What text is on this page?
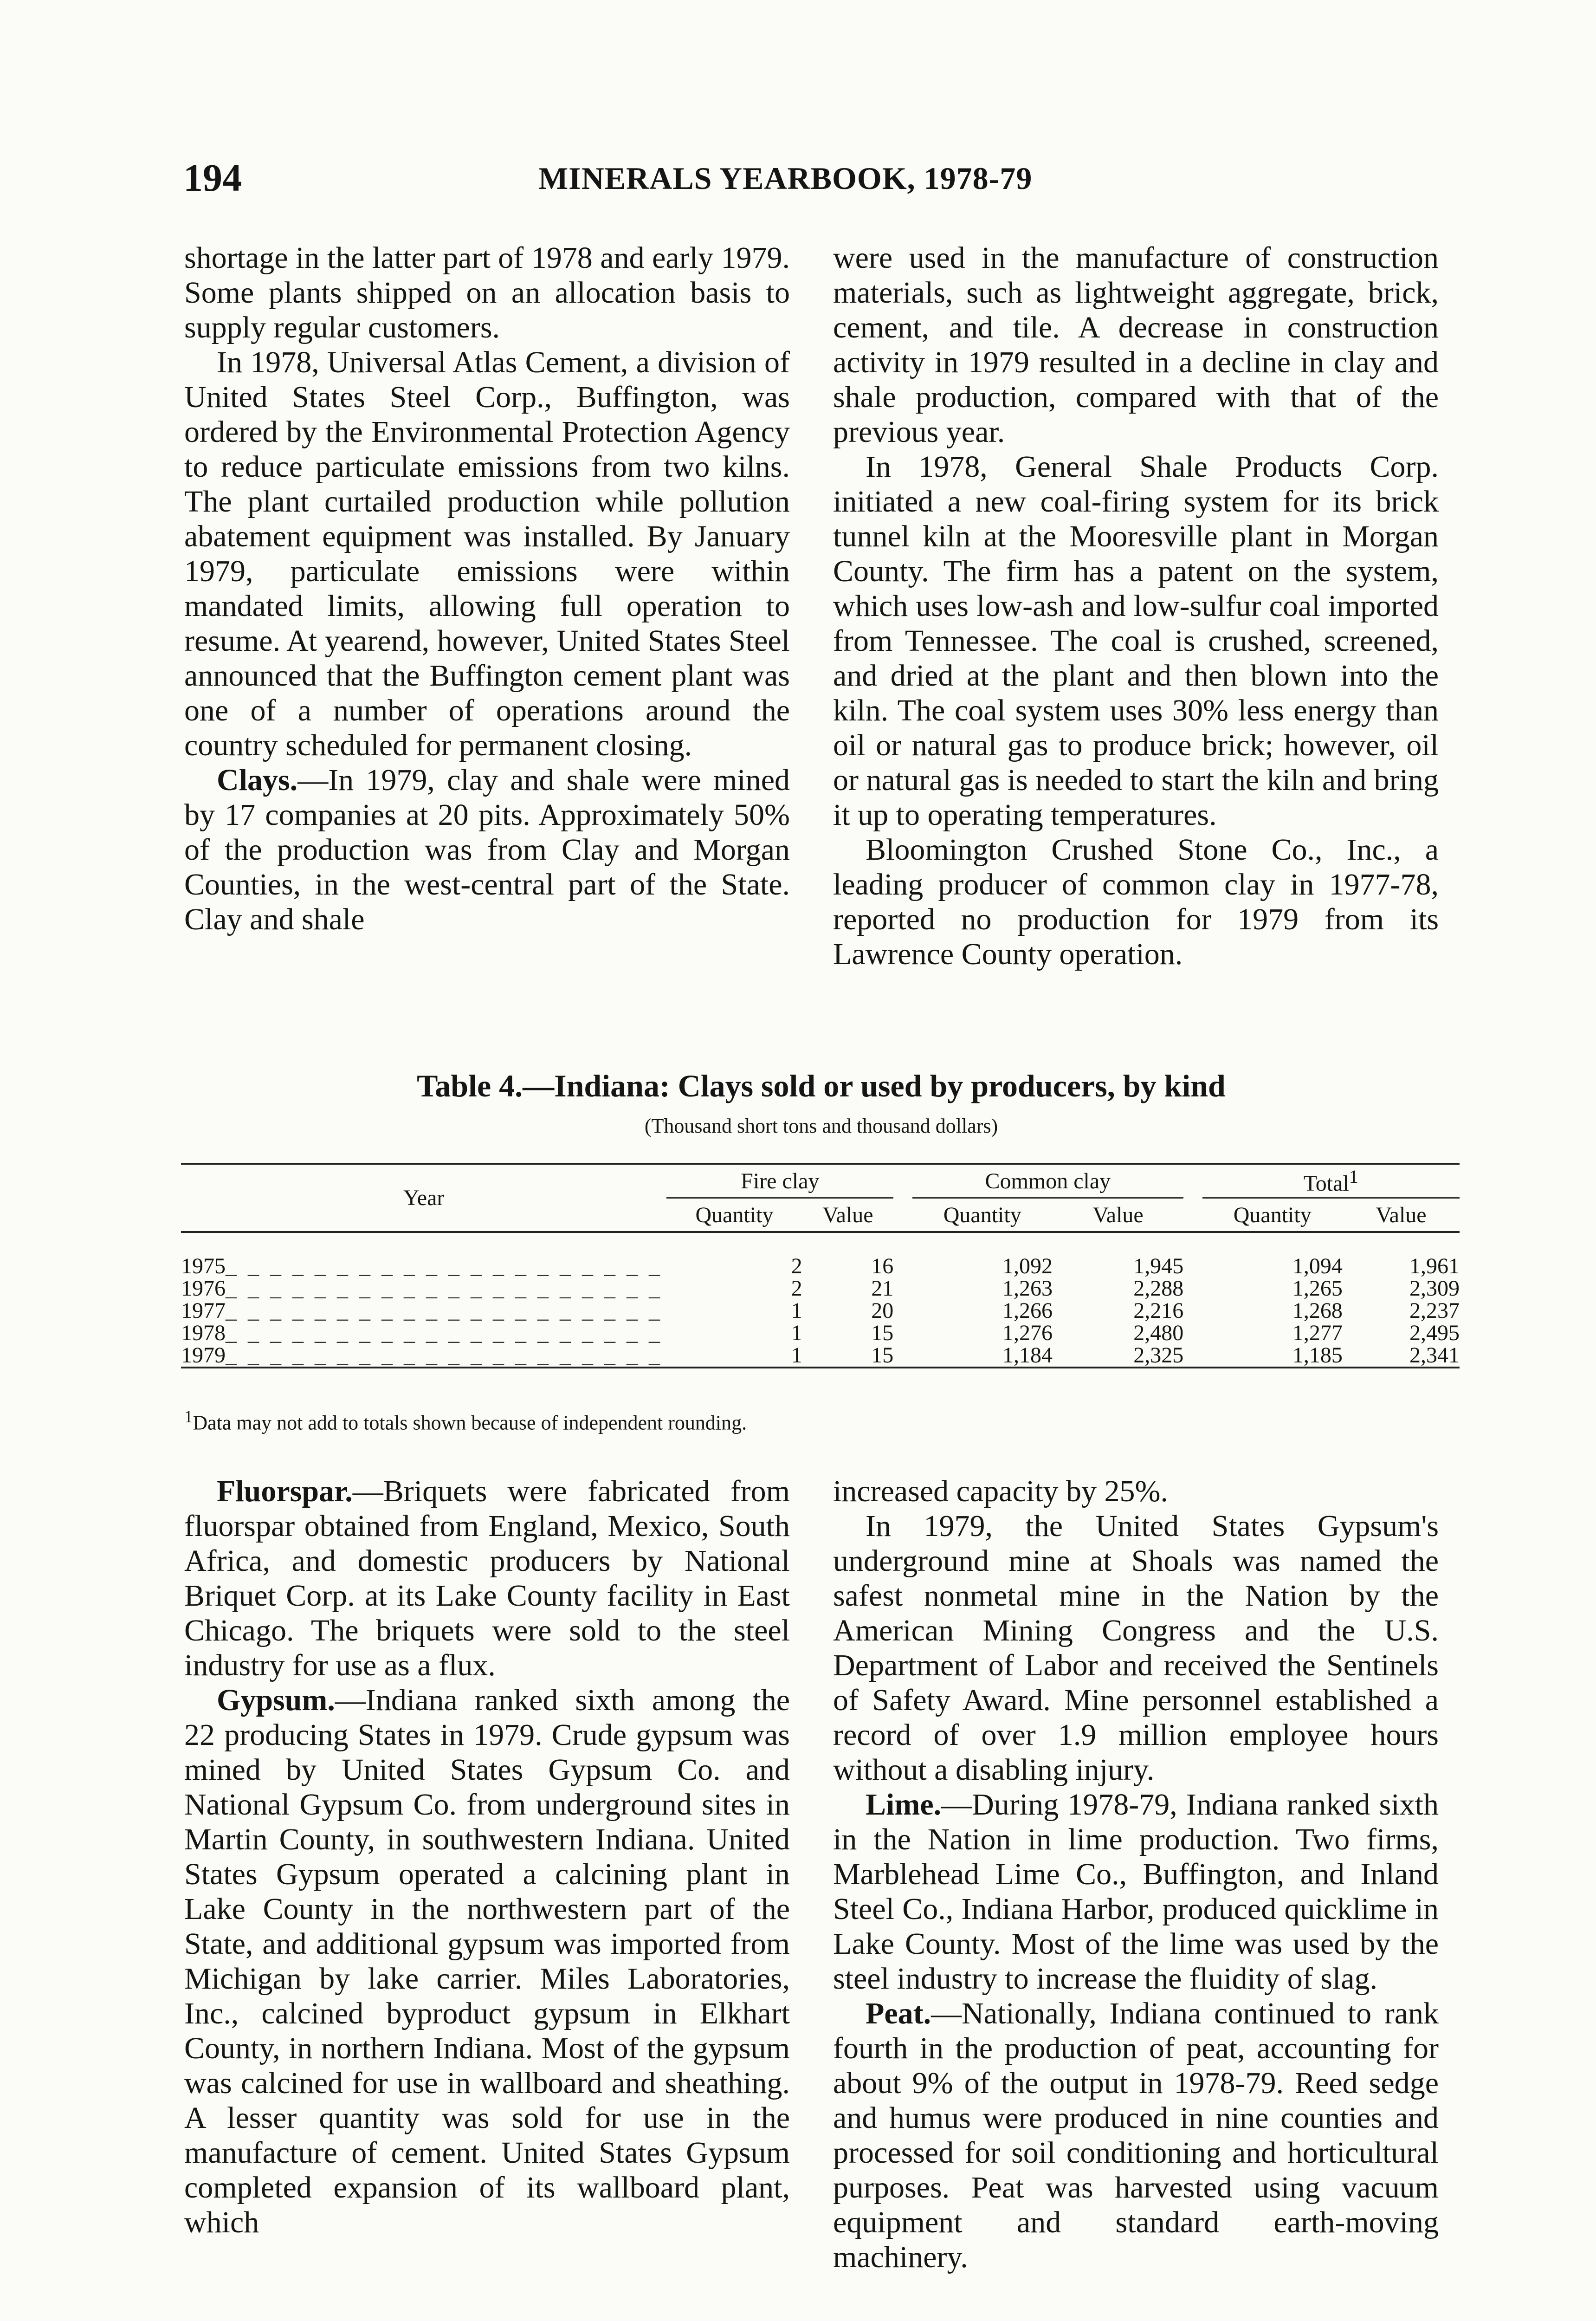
194	MINERALS YEARBOOK, 1978-79

shortage in the latter part of 1978 and early 1979. Some plants shipped on an allocation basis to supply regular customers.

In 1978, Universal Atlas Cement, a division of United States Steel Corp., Buffington, was ordered by the Environmental Protection Agency to reduce particulate emissions from two kilns. The plant curtailed production while pollution abatement equipment was installed. By January 1979, particulate emissions were within mandated limits, allowing full operation to resume. At yearend, however, United States Steel announced that the Buffington cement plant was one of a number of operations around the country scheduled for permanent closing.

Clays.—In 1979, clay and shale were mined by 17 companies at 20 pits. Approximately 50% of the production was from Clay and Morgan Counties, in the west-central part of the State. Clay and shale

were used in the manufacture of construction materials, such as lightweight aggregate, brick, cement, and tile. A decrease in construction activity in 1979 resulted in a decline in clay and shale production, compared with that of the previous year.

In 1978, General Shale Products Corp. initiated a new coal-firing system for its brick tunnel kiln at the Mooresville plant in Morgan County. The firm has a patent on the system, which uses low-ash and low-sulfur coal imported from Tennessee. The coal is crushed, screened, and dried at the plant and then blown into the kiln. The coal system uses 30% less energy than oil or natural gas to produce brick; however, oil or natural gas is needed to start the kiln and bring it up to operating temperatures.

Bloomington Crushed Stone Co., Inc., a leading producer of common clay in 1977-78, reported no production for 1979 from its Lawrence County operation.

Table 4.—Indiana: Clays sold or used by producers, by kind
(Thousand short tons and thousand dollars)
Year	Fire clay			Common clay			Total$^1$
	Quantity	Value		Quantity	Value		Quantity	Value

1975_ _ _ _ _ _ _ _ _ _ _ _ _ _ _ _ _ _ _ _	2	16		1,092	1,945		1,094	1,961
1976_ _ _ _ _ _ _ _ _ _ _ _ _ _ _ _ _ _ _ _	2	21		1,263	2,288		1,265	2,309
1977_ _ _ _ _ _ _ _ _ _ _ _ _ _ _ _ _ _ _ _	1	20		1,266	2,216		1,268	2,237
1978_ _ _ _ _ _ _ _ _ _ _ _ _ _ _ _ _ _ _ _	1	15		1,276	2,480		1,277	2,495
1979_ _ _ _ _ _ _ _ _ _ _ _ _ _ _ _ _ _ _ _	1	15		1,184	2,325		1,185	2,341
$^1$Data may not add to totals shown because of independent rounding.

Fluorspar.—Briquets were fabricated from fluorspar obtained from England, Mexico, South Africa, and domestic producers by National Briquet Corp. at its Lake County facility in East Chicago. The briquets were sold to the steel industry for use as a flux.

Gypsum.—Indiana ranked sixth among the 22 producing States in 1979. Crude gypsum was mined by United States Gypsum Co. and National Gypsum Co. from underground sites in Martin County, in southwestern Indiana. United States Gypsum operated a calcining plant in Lake County in the northwestern part of the State, and additional gypsum was imported from Michigan by lake carrier. Miles Laboratories, Inc., calcined byproduct gypsum in Elkhart County, in northern Indiana. Most of the gypsum was calcined for use in wallboard and sheathing. A lesser quantity was sold for use in the manufacture of cement. United States Gypsum completed expansion of its wallboard plant, which

increased capacity by 25%.

In 1979, the United States Gypsum's underground mine at Shoals was named the safest nonmetal mine in the Nation by the American Mining Congress and the U.S. Department of Labor and received the Sentinels of Safety Award. Mine personnel established a record of over 1.9 million employee hours without a disabling injury.

Lime.—During 1978-79, Indiana ranked sixth in the Nation in lime production. Two firms, Marblehead Lime Co., Buffington, and Inland Steel Co., Indiana Harbor, produced quicklime in Lake County. Most of the lime was used by the steel industry to increase the fluidity of slag.

Peat.—Nationally, Indiana continued to rank fourth in the production of peat, accounting for about 9% of the output in 1978-79. Reed sedge and humus were produced in nine counties and processed for soil conditioning and horticultural purposes. Peat was harvested using vacuum equipment and standard earth-moving machinery.
